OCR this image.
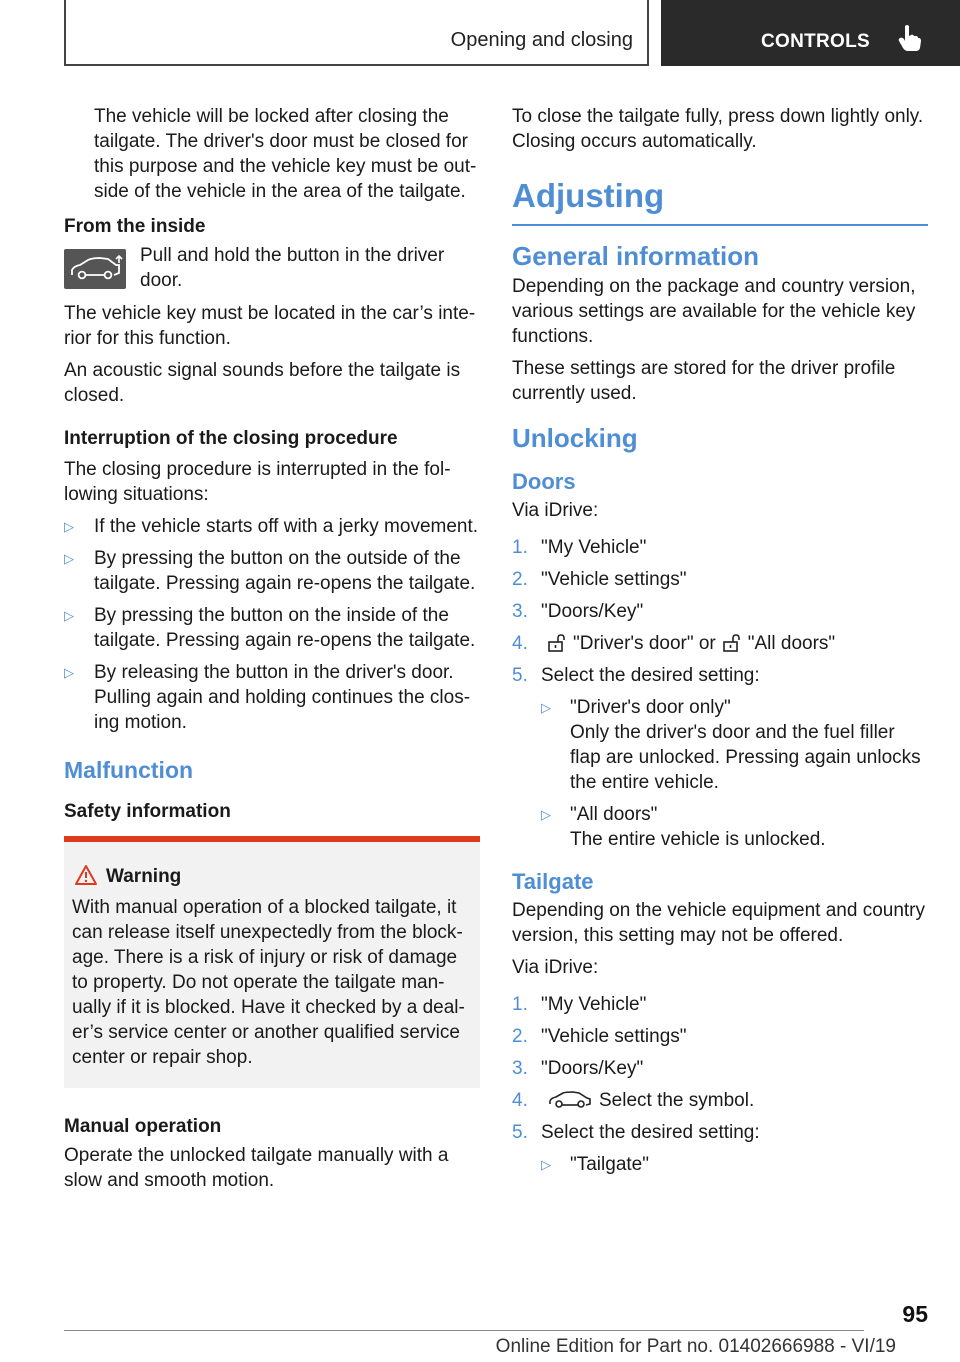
Opening and closing	CONTROLS

The vehicle will be locked after closing the tailgate. The driver's door must be closed for this purpose and the vehicle key must be outside of the vehicle in the area of the tailgate.

From the inside
Pull and hold the button in the driver door.

The vehicle key must be located in the car’s interior for this function.

An acoustic signal sounds before the tailgate is closed.

Interruption of the closing procedure

The closing procedure is interrupted in the following situations:

▷ If the vehicle starts off with a jerky movement.
▷ By pressing the button on the outside of the tailgate. Pressing again re-opens the tailgate.
▷ By pressing the button on the inside of the tailgate. Pressing again re-opens the tailgate.
▷ By releasing the button in the driver's door. Pulling again and holding continues the closing motion.
Malfunction
Safety information
Warning
With manual operation of a blocked tailgate, it can release itself unexpectedly from the blockage. There is a risk of injury or risk of damage to property. Do not operate the tailgate manually if it is blocked. Have it checked by a dealer’s service center or another qualified service center or repair shop.
Manual operation

Operate the unlocked tailgate manually with a slow and smooth motion.

To close the tailgate fully, press down lightly only. Closing occurs automatically.

Adjusting
General information

Depending on the package and country version, various settings are available for the vehicle key functions.

These settings are stored for the driver profile currently used.

Unlocking
Doors

Via iDrive:

1. "My Vehicle"
2. "Vehicle settings"
3. "Doors/Key"
4. "Driver's door" or "All doors"
5. Select the desired setting:
▷ "Driver's door only"
Only the driver's door and the fuel filler flap are unlocked. Pressing again unlocks the entire vehicle.
▷ "All doors"
The entire vehicle is unlocked.
Tailgate

Depending on the vehicle equipment and country version, this setting may not be offered.

Via iDrive:

1. "My Vehicle"
2. "Vehicle settings"
3. "Doors/Key"
4.	Select the symbol.
5. Select the desired setting:
▷ "Tailgate"
95
Online Edition for Part no. 01402666988 - VI/19
